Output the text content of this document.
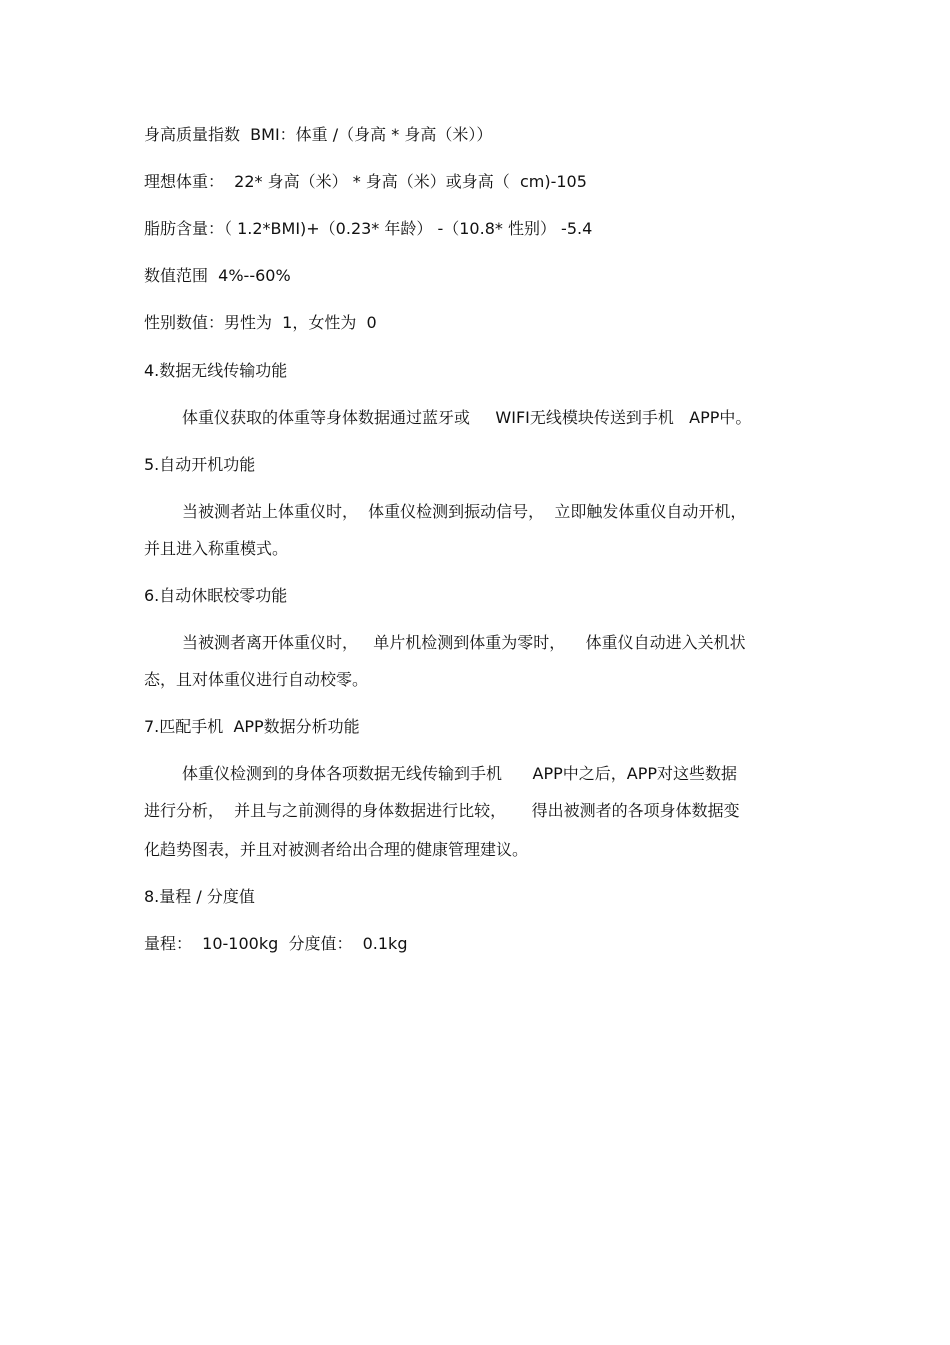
身高质量指数  BMI：体重 /（身高 * 身高（米））
理想体重：  22* 身高（米） * 身高（米）或身高（  cm)-105
脂肪含量：（ 1.2*BMI)+（0.23* 年龄） -（10.8* 性别） -5.4
数值范围  4%--60%
性别数值：男性为  1，女性为  0
4.数据无线传输功能
体重仪获取的体重等身体数据通过蓝牙或     WIFI无线模块传送到手机   APP中。
5.自动开机功能
当被测者站上体重仪时，  体重仪检测到振动信号，  立即触发体重仪自动开机，
并且进入称重模式。
6.自动休眠校零功能
当被测者离开体重仪时，   单片机检测到体重为零时，    体重仪自动进入关机状
态，且对体重仪进行自动校零。
7.匹配手机  APP数据分析功能
体重仪检测到的身体各项数据无线传输到手机      APP中之后，APP对这些数据
进行分析，  并且与之前测得的身体数据进行比较，     得出被测者的各项身体数据变
化趋势图表，并且对被测者给出合理的健康管理建议。
8.量程 / 分度值
量程：  10-100kg  分度值：  0.1kg
